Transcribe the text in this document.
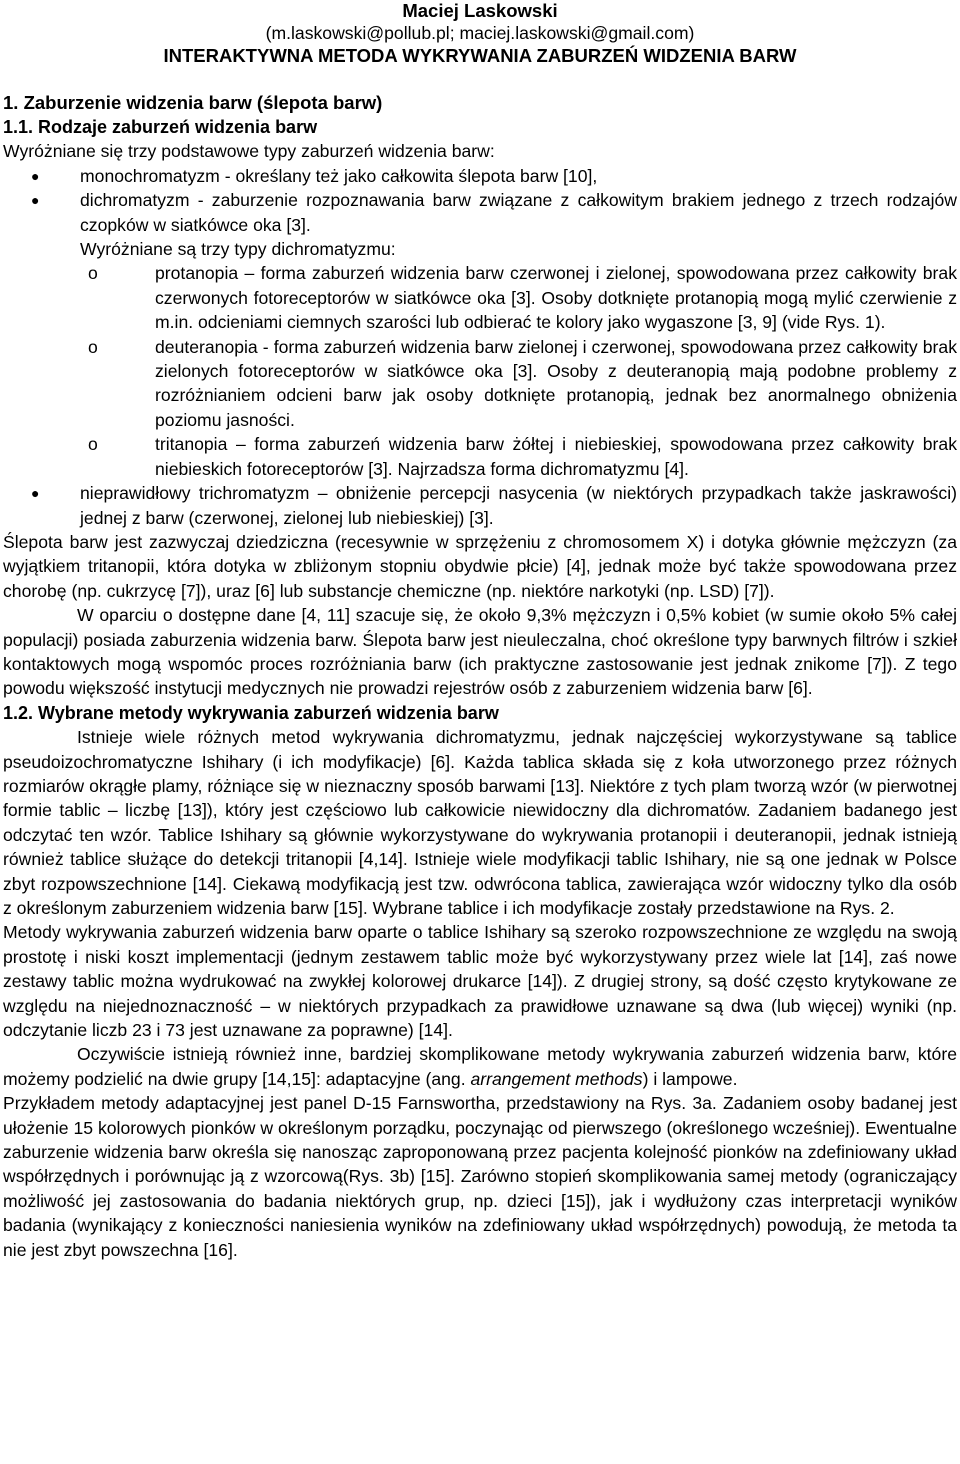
Maciej Laskowski
(m.laskowski@pollub.pl; maciej.laskowski@gmail.com)
INTERAKTYWNA METODA WYKRYWANIA ZABURZEŃ WIDZENIA BARW
1. Zaburzenie widzenia barw (ślepota barw)
1.1. Rodzaje zaburzeń widzenia barw

Wyróżniane się trzy podstawowe typy zaburzeń widzenia barw:

● monochromatyzm - określany też jako całkowita ślepota barw [10],
● dichromatyzm - zaburzenie rozpoznawania barw związane z całkowitym brakiem jednego z trzech rodzajów czopków w siatkówce oka [3].
Wyróżniane są trzy typy dichromatyzmu:
o	protanopia – forma zaburzeń widzenia barw czerwonej i zielonej, spowodowana przez całkowity brak czerwonych fotoreceptorów w siatkówce oka [3]. Osoby dotknięte protanopią mogą mylić czerwienie z m.in. odcieniami ciemnych szarości lub odbierać te kolory jako wygaszone [3, 9] (vide Rys. 1).
o	deuteranopia - forma zaburzeń widzenia barw zielonej i czerwonej, spowodowana przez całkowity brak zielonych fotoreceptorów w siatkówce oka [3]. Osoby z deuteranopią mają podobne problemy z rozróżnianiem odcieni barw jak osoby dotknięte protanopią, jednak bez anormalnego obniżenia poziomu jasności.
o	tritanopia – forma zaburzeń widzenia barw żółtej i niebieskiej, spowodowana przez całkowity brak niebieskich fotoreceptorów [3]. Najrzadsza forma dichromatyzmu [4].
● nieprawidłowy trichromatyzm – obniżenie percepcji nasycenia (w niektórych przypadkach także jaskrawości) jednej z barw (czerwonej, zielonej lub niebieskiej) [3].

Ślepota barw jest zazwyczaj dziedziczna (recesywnie w sprzężeniu z chromosomem X) i dotyka głównie mężczyzn (za wyjątkiem tritanopii, która dotyka w zbliżonym stopniu obydwie płcie) [4], jednak może być także spowodowana przez chorobę (np. cukrzycę [7]), uraz [6] lub substancje chemiczne (np. niektóre narkotyki (np. LSD) [7]).

W oparciu o dostępne dane [4, 11] szacuje się, że około 9,3% mężczyzn i 0,5% kobiet (w sumie około 5% całej populacji) posiada zaburzenia widzenia barw. Ślepota barw jest nieuleczalna, choć określone typy barwnych filtrów i szkieł kontaktowych mogą wspomóc proces rozróżniania barw (ich praktyczne zastosowanie jest jednak znikome [7]). Z tego powodu większość instytucji medycznych nie prowadzi rejestrów osób z zaburzeniem widzenia barw [6].

1.2. Wybrane metody wykrywania zaburzeń widzenia barw

Istnieje wiele różnych metod wykrywania dichromatyzmu, jednak najczęściej wykorzystywane są tablice pseudoizochromatyczne Ishihary (i ich modyfikacje) [6]. Każda tablica składa się z koła utworzonego przez różnych rozmiarów okrągłe plamy, różniące się w nieznaczny sposób barwami [13]. Niektóre z tych plam tworzą wzór (w pierwotnej formie tablic – liczbę [13]), który jest częściowo lub całkowicie niewidoczny dla dichromatów. Zadaniem badanego jest odczytać ten wzór. Tablice Ishihary są głównie wykorzystywane do wykrywania protanopii i deuteranopii, jednak istnieją również tablice służące do detekcji tritanopii [4,14]. Istnieje wiele modyfikacji tablic Ishihary, nie są one jednak w Polsce zbyt rozpowszechnione [14]. Ciekawą modyfikacją jest tzw. odwrócona tablica, zawierająca wzór widoczny tylko dla osób z określonym zaburzeniem widzenia barw [15]. Wybrane tablice i ich modyfikacje zostały przedstawione na Rys. 2.

Metody wykrywania zaburzeń widzenia barw oparte o tablice Ishihary są szeroko rozpowszechnione ze względu na swoją prostotę i niski koszt implementacji (jednym zestawem tablic może być wykorzystywany przez wiele lat [14], zaś nowe zestawy tablic można wydrukować na zwykłej kolorowej drukarce [14]). Z drugiej strony, są dość często krytykowane ze względu na niejednoznaczność – w niektórych przypadkach za prawidłowe uznawane są dwa (lub więcej) wyniki (np. odczytanie liczb 23 i 73 jest uznawane za poprawne) [14].

Oczywiście istnieją również inne, bardziej skomplikowane metody wykrywania zaburzeń widzenia barw, które możemy podzielić na dwie grupy [14,15]: adaptacyjne (ang. arrangement methods) i lampowe.

Przykładem metody adaptacyjnej jest panel D-15 Farnswortha, przedstawiony na Rys. 3a. Zadaniem osoby badanej jest ułożenie 15 kolorowych pionków w określonym porządku, poczynając od pierwszego (określonego wcześniej). Ewentualne zaburzenie widzenia barw określa się nanosząc zaproponowaną przez pacjenta kolejność pionków na zdefiniowany układ współrzędnych i porównując ją z wzorcową(Rys. 3b) [15]. Zarówno stopień skomplikowania samej metody (ograniczający możliwość jej zastosowania do badania niektórych grup, np. dzieci [15]), jak i wydłużony czas interpretacji wyników badania (wynikający z konieczności naniesienia wyników na zdefiniowany układ współrzędnych) powodują, że metoda ta nie jest zbyt powszechna [16].
